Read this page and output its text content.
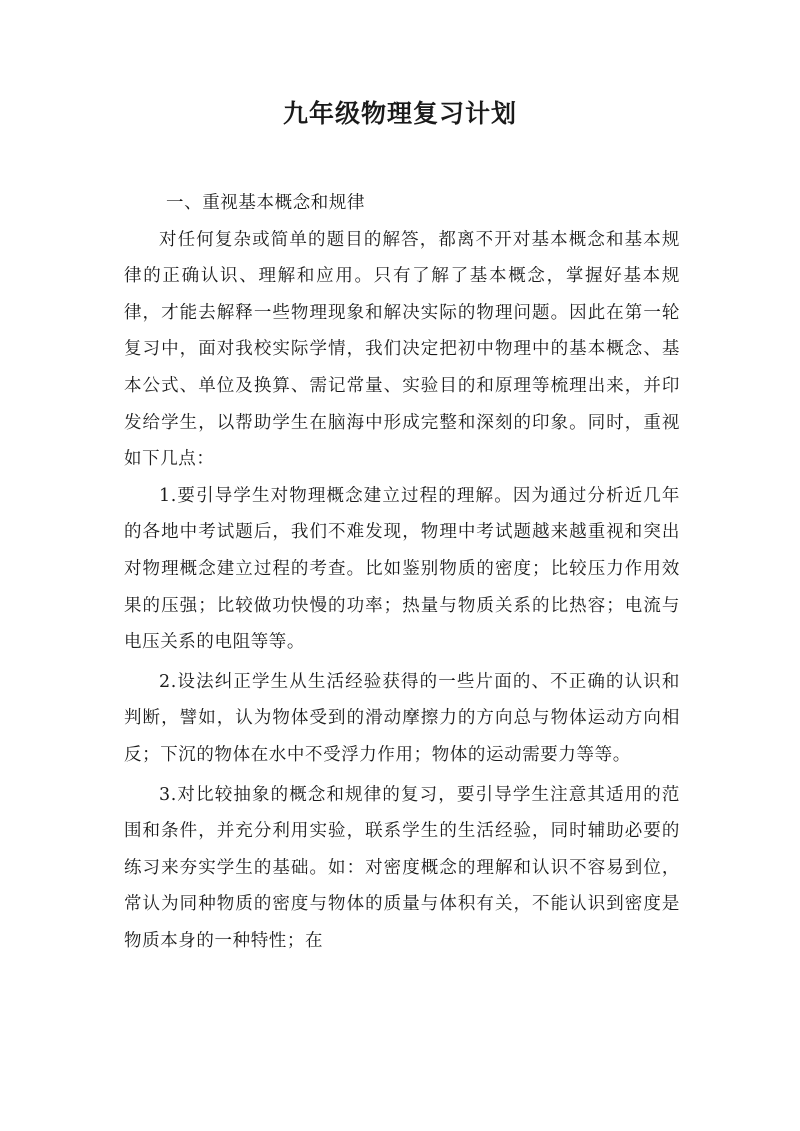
九年级物理复习计划

一、重视基本概念和规律

对任何复杂或简单的题目的解答，都离不开对基本概念和基本规律的正确认识、理解和应用。只有了解了基本概念，掌握好基本规律，才能去解释一些物理现象和解决实际的物理问题。因此在第一轮复习中，面对我校实际学情，我们决定把初中物理中的基本概念、基本公式、单位及换算、需记常量、实验目的和原理等梳理出来，并印发给学生，以帮助学生在脑海中形成完整和深刻的印象。同时，重视如下几点：

1.要引导学生对物理概念建立过程的理解。因为通过分析近几年的各地中考试题后，我们不难发现，物理中考试题越来越重视和突出对物理概念建立过程的考查。比如鉴别物质的密度；比较压力作用效果的压强；比较做功快慢的功率；热量与物质关系的比热容；电流与电压关系的电阻等等。

2.设法纠正学生从生活经验获得的一些片面的、不正确的认识和判断，譬如，认为物体受到的滑动摩擦力的方向总与物体运动方向相反；下沉的物体在水中不受浮力作用；物体的运动需要力等等。

3.对比较抽象的概念和规律的复习，要引导学生注意其适用的范围和条件，并充分利用实验，联系学生的生活经验，同时辅助必要的练习来夯实学生的基础。如：对密度概念的理解和认识不容易到位，常认为同种物质的密度与物体的质量与体积有关，不能认识到密度是物质本身的一种特性；在
